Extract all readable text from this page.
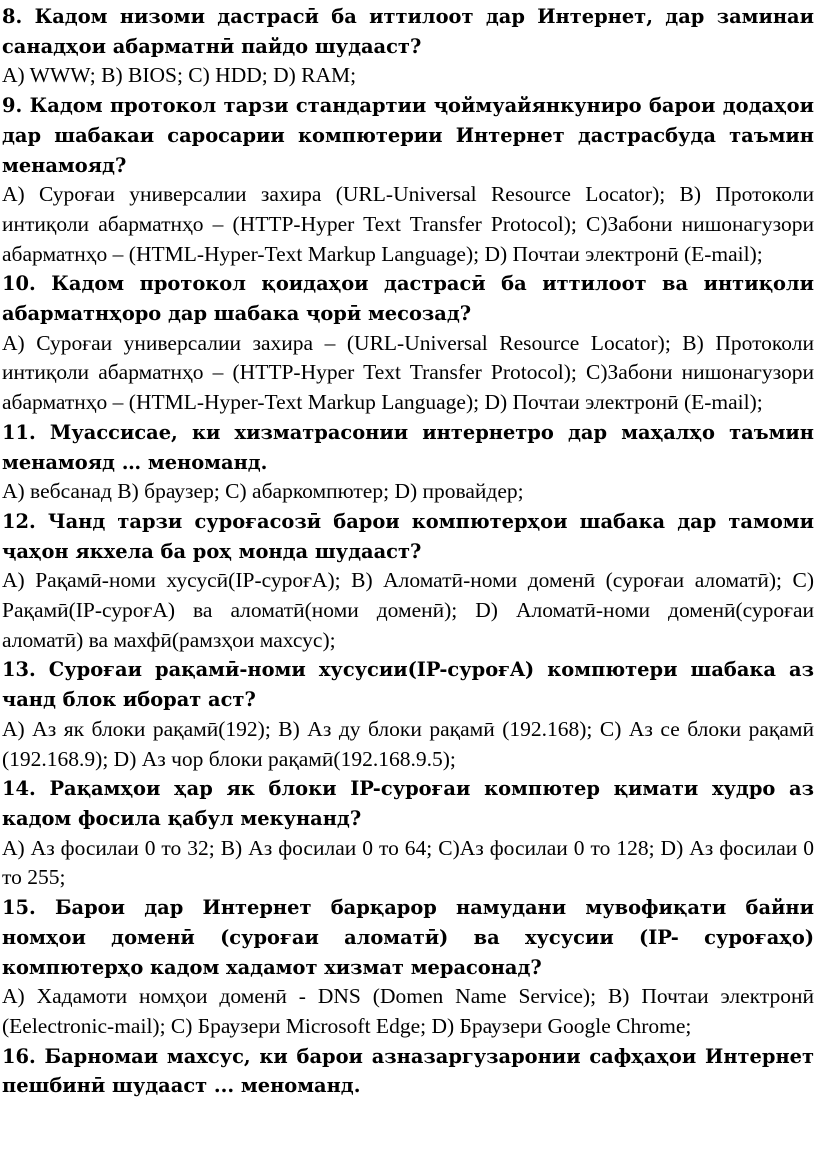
8. Кадом низоми дастрасӣ ба иттилоот дар Интернет, дар заминаи санадҳои абарматнӣ пайдо шудааст?

A) WWW; B) BIOS; C) HDD; D) RAM;

9. Кадом протокол тарзи стандартии ҷоймуайянкуниро барои додаҳои дар шабакаи саросарии компютерии Интернет дастрасбуда таъмин менамояд?

A) Суроғаи универсалии захира (URL-Universal Resource Locator); B) Протоколи интиқоли абарматнҳо – (HTTP-Hyper Text Transfer Protocol); C)Забони нишонагузори абарматнҳо – (HTML-Hyper-Text Markup Language); D) Почтаи электронӣ (E-mail);

10. Кадом протокол қоидаҳои дастрасӣ ба иттилоот ва интиқоли абарматнҳоро дар шабака ҷорӣ месозад?

A) Суроғаи универсалии захира – (URL-Universal Resource Locator); B) Протоколи интиқоли абарматнҳо – (HTTP-Hyper Text Transfer Protocol); C)Забони нишонагузори абарматнҳо – (HTML-Hyper-Text Markup Language); D) Почтаи электронӣ (E-mail);

11. Муассисае, ки хизматрасонии интернетро дар маҳалҳо таъмин менамояд … меноманд.

A) вебсанад B) браузер; C) абаркомпютер; D) провайдер;

12. Чанд тарзи суроғасозӣ барои компютерҳои шабака дар тамоми ҷаҳон якхела ба роҳ монда шудааст?

A) Рақамӣ-номи хусусӣ(IP-суроғA); B) Аломатӣ-номи доменӣ (суроғаи аломатӣ); C) Рақамӣ(IP-суроғA) ва аломатӣ(номи доменӣ); D) Аломатӣ-номи доменӣ(суроғаи аломатӣ) ва махфӣ(рамзҳои махсус);

13. Суроғаи рақамӣ-номи хусусии(IP-суроғA) компютери шабака аз чанд блок иборат аст?

A) Аз як блоки рақамӣ(192); B) Аз ду блоки рақамӣ (192.168); C) Аз се блоки рақамӣ (192.168.9); D) Аз чор блоки рақамӣ(192.168.9.5);

14. Рақамҳои ҳар як блоки IP-суроғаи компютер қимати худро аз кадом фосила қабул мекунанд?

A) Аз фосилаи 0 то 32; B) Аз фосилаи 0 то 64; C)Аз фосилаи 0 то 128; D) Аз фосилаи 0 то 255;

15. Барои дар Интернет барқарор намудани мувофиқати байни номҳои доменӣ (суроғаи аломатӣ) ва хусусии (IP- суроғаҳо) компютерҳо кадом хадамот хизмат мерасонад?

A) Хадамоти номҳои доменӣ - DNS (Domen Name Service); B) Почтаи электронӣ (Eelectronic-mail); C) Браузери Microsoft Edge; D) Браузери Google Chrome;

16. Барномаи махсус, ки барои азназаргузаронии сафҳаҳои Интернет пешбинӣ шудааст ... меноманд.
